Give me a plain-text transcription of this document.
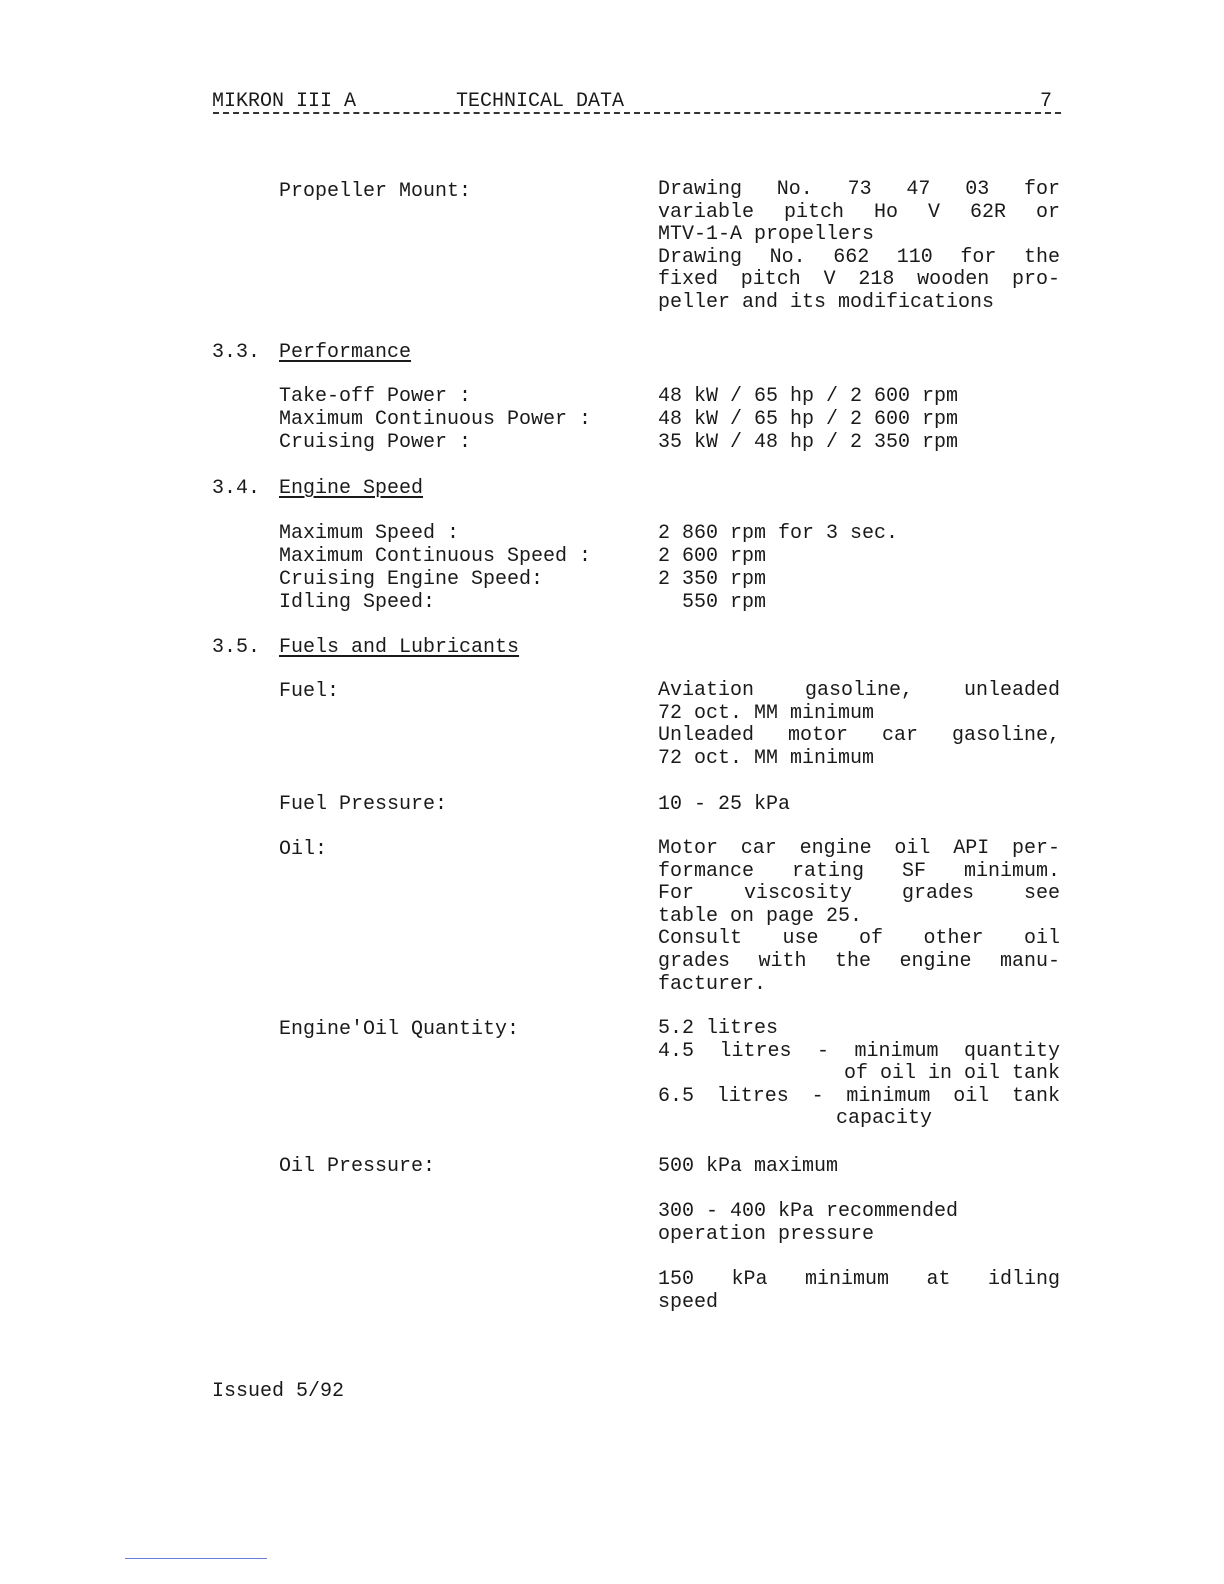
MIKRON III A	TECHNICAL DATA	7
Propeller Mount:	Drawing No. 73 47 03 for
variable pitch Ho V 62R or
MTV-1-A propellers
Drawing No. 662 110 for the
fixed pitch V 218 wooden pro-
peller and its modifications
3.3. Performance
Take-off Power :	48 kW / 65 hp / 2 600 rpm
Maximum Continuous Power :	48 kW / 65 hp / 2 600 rpm
Cruising Power :	35 kW / 48 hp / 2 350 rpm
3.4. Engine Speed
Maximum Speed :	2 860 rpm for 3 sec.
Maximum Continuous Speed :	2 600 rpm
Cruising Engine Speed:	2 350 rpm
Idling Speed:	550 rpm
3.5. Fuels and Lubricants
Fuel:	Aviation gasoline, unleaded
72 oct. MM minimum
Unleaded motor car gasoline,
72 oct. MM minimum
Fuel Pressure:	10 - 25 kPa
Oil:	Motor car engine oil API per-
formance rating SF minimum.
For viscosity grades see
table on page 25.
Consult use of other oil
grades with the engine manu-
facturer.
Engine'Oil Quantity:	5.2 litres
4.5 litres - minimum quantity
of oil in oil tank
6.5 litres - minimum oil tank
capacity
Oil Pressure:	500 kPa maximum
300 - 400 kPa recommended
operation pressure
150 kPa minimum at idling
speed
Issued 5/92
